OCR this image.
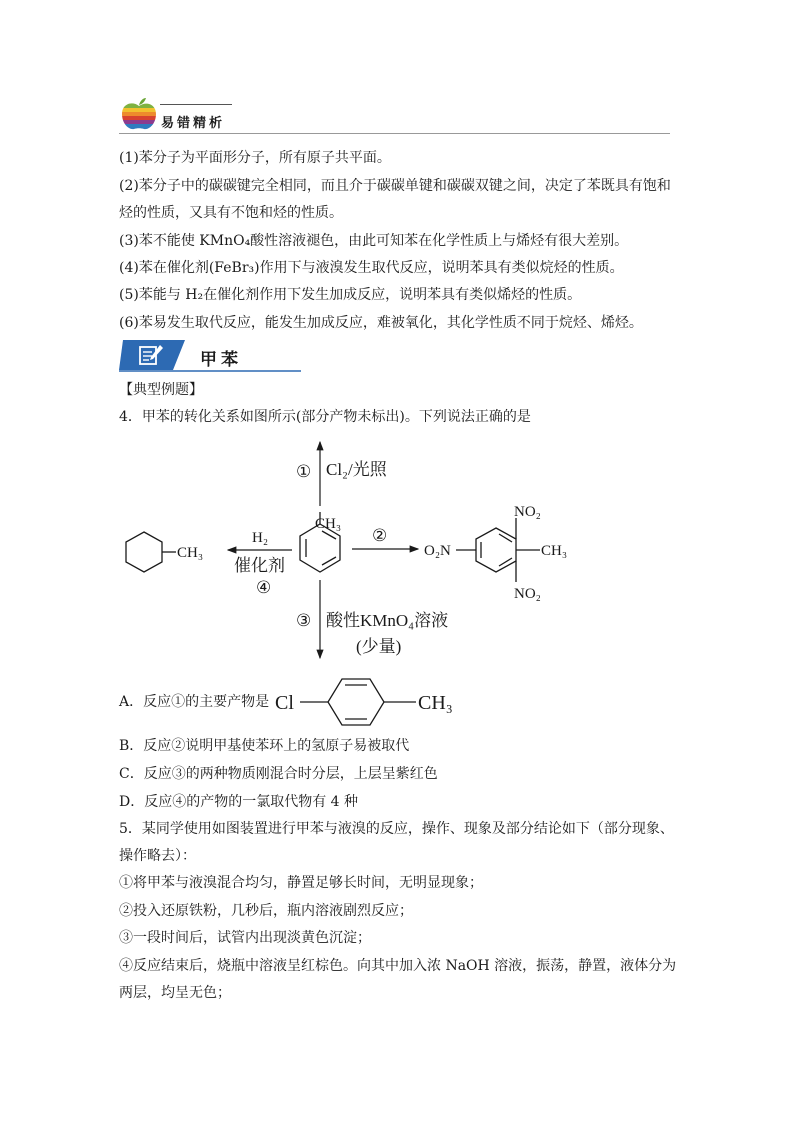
易错精析
(1)苯分子为平面形分子，所有原子共平面。
(2)苯分子中的碳碳键完全相同，而且介于碳碳单键和碳碳双键之间，决定了苯既具有饱和
烃的性质，又具有不饱和烃的性质。
(3)苯不能使 KMnO₄酸性溶液褪色，由此可知苯在化学性质上与烯烃有很大差别。
(4)苯在催化剂(FeBr₃)作用下与液溴发生取代反应，说明苯具有类似烷烃的性质。
(5)苯能与 H₂在催化剂作用下发生加成反应，说明苯具有类似烯烃的性质。
(6)苯易发生取代反应，能发生加成反应，难被氧化，其化学性质不同于烷烃、烯烃。
甲苯
【典型例题】
4．甲苯的转化关系如图所示(部分产物未标出)。下列说法正确的是
CH₃
① Cl₂/光照
③ 酸性KMnO₄溶液
(少量)
H₂
催化剂
④
CH₃
②
NO₂
NO₂
O₂N	CH₃
A．反应①的主要产物是 Cl	CH₃
B．反应②说明甲基使苯环上的氢原子易被取代
C．反应③的两种物质刚混合时分层，上层呈紫红色
D．反应④的产物的一氯取代物有 4 种
5．某同学使用如图装置进行甲苯与液溴的反应，操作、现象及部分结论如下（部分现象、
操作略去）：
①将甲苯与液溴混合均匀，静置足够长时间，无明显现象；
②投入还原铁粉，几秒后，瓶内溶液剧烈反应；
③一段时间后，试管内出现淡黄色沉淀；
④反应结束后，烧瓶中溶液呈红棕色。向其中加入浓 NaOH 溶液，振荡，静置，液体分为
两层，均呈无色；
